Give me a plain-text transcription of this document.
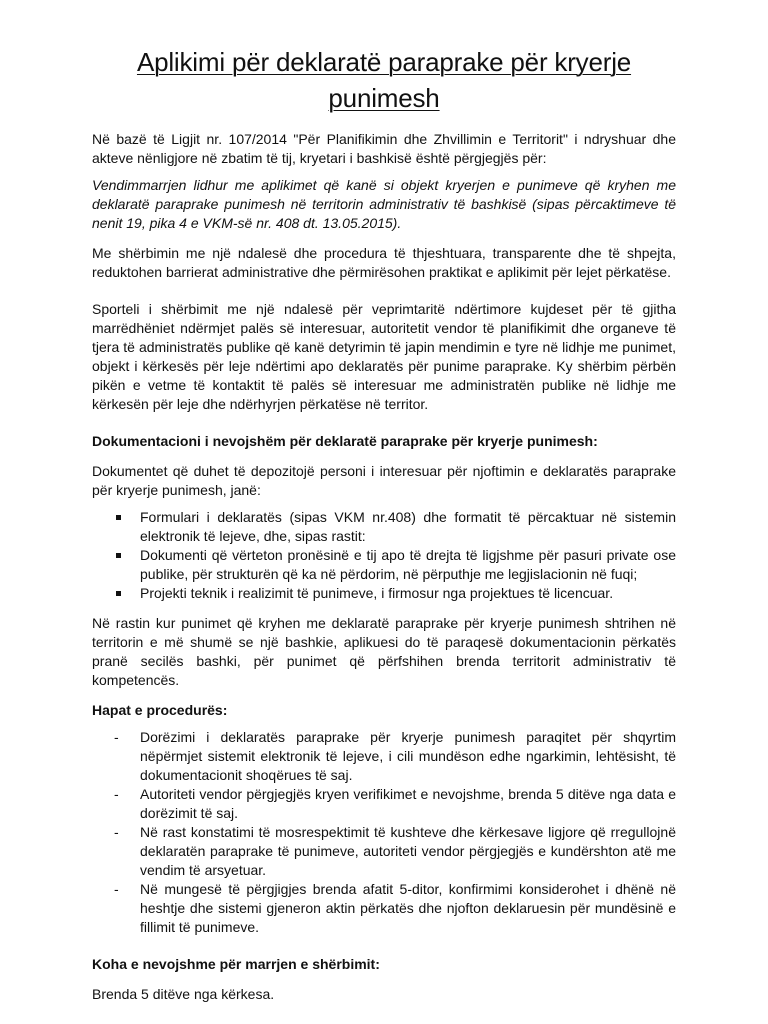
Aplikimi për deklaratë paraprake për kryerje punimesh

Në bazë të Ligjit nr. 107/2014 "Për Planifikimin dhe Zhvillimin e Territorit" i ndryshuar dhe akteve nënligjore në zbatim të tij, kryetari i bashkisë është përgjegjës për:

Vendimmarrjen lidhur me aplikimet që kanë si objekt kryerjen e punimeve që kryhen me deklaratë paraprake punimesh në territorin administrativ të bashkisë (sipas përcaktimeve të nenit 19, pika 4 e VKM-së nr. 408 dt. 13.05.2015).

Me shërbimin me një ndalesë dhe procedura të thjeshtuara, transparente dhe të shpejta, reduktohen barrierat administrative dhe përmirësohen praktikat e aplikimit për lejet përkatëse.

Sporteli i shërbimit me një ndalesë për veprimtaritë ndërtimore kujdeset për të gjitha marrëdhëniet ndërmjet palës së interesuar, autoritetit vendor të planifikimit dhe organeve të tjera të administratës publike që kanë detyrimin të japin mendimin e tyre në lidhje me punimet, objekt i kërkesës për leje ndërtimi apo deklaratës për punime paraprake. Ky shërbim përbën pikën e vetme të kontaktit të palës së interesuar me administratën publike në lidhje me kërkesën për leje dhe ndërhyrjen përkatëse në territor.

Dokumentacioni i nevojshëm për deklaratë paraprake për kryerje punimesh:

Dokumentet që duhet të depozitojë personi i interesuar për njoftimin e deklaratës paraprake për kryerje punimesh, janë:

Formulari i deklaratës (sipas VKM nr.408) dhe formatit të përcaktuar në sistemin elektronik të lejeve, dhe, sipas rastit:
Dokumenti që vërteton pronësinë e tij apo të drejta të ligjshme për pasuri private ose publike, për strukturën që ka në përdorim, në përputhje me legjislacionin në fuqi;
Projekti teknik i realizimit të punimeve, i firmosur nga projektues të licencuar.

Në rastin kur punimet që kryhen me deklaratë paraprake për kryerje punimesh shtrihen në territorin e më shumë se një bashkie, aplikuesi do të paraqesë dokumentacionin përkatës pranë secilës bashki, për punimet që përfshihen brenda territorit administrativ të kompetencës.

Hapat e procedurës:

- Dorëzimi i deklaratës paraprake për kryerje punimesh paraqitet për shqyrtim nëpërmjet sistemit elektronik të lejeve, i cili mundëson edhe ngarkimin, lehtësisht, të dokumentacionit shoqërues të saj.
- Autoriteti vendor përgjegjës kryen verifikimet e nevojshme, brenda 5 ditëve nga data e dorëzimit të saj.
- Në rast konstatimi të mosrespektimit të kushteve dhe kërkesave ligjore që rregullojnë deklaratën paraprake të punimeve, autoriteti vendor përgjegjës e kundërshton atë me vendim të arsyetuar.
- Në mungesë të përgjigjes brenda afatit 5-ditor, konfirmimi konsiderohet i dhënë në heshtje dhe sistemi gjeneron aktin përkatës dhe njofton deklaruesin për mundësinë e fillimit të punimeve.

Koha e nevojshme për marrjen e shërbimit:

Brenda 5 ditëve nga kërkesa.
